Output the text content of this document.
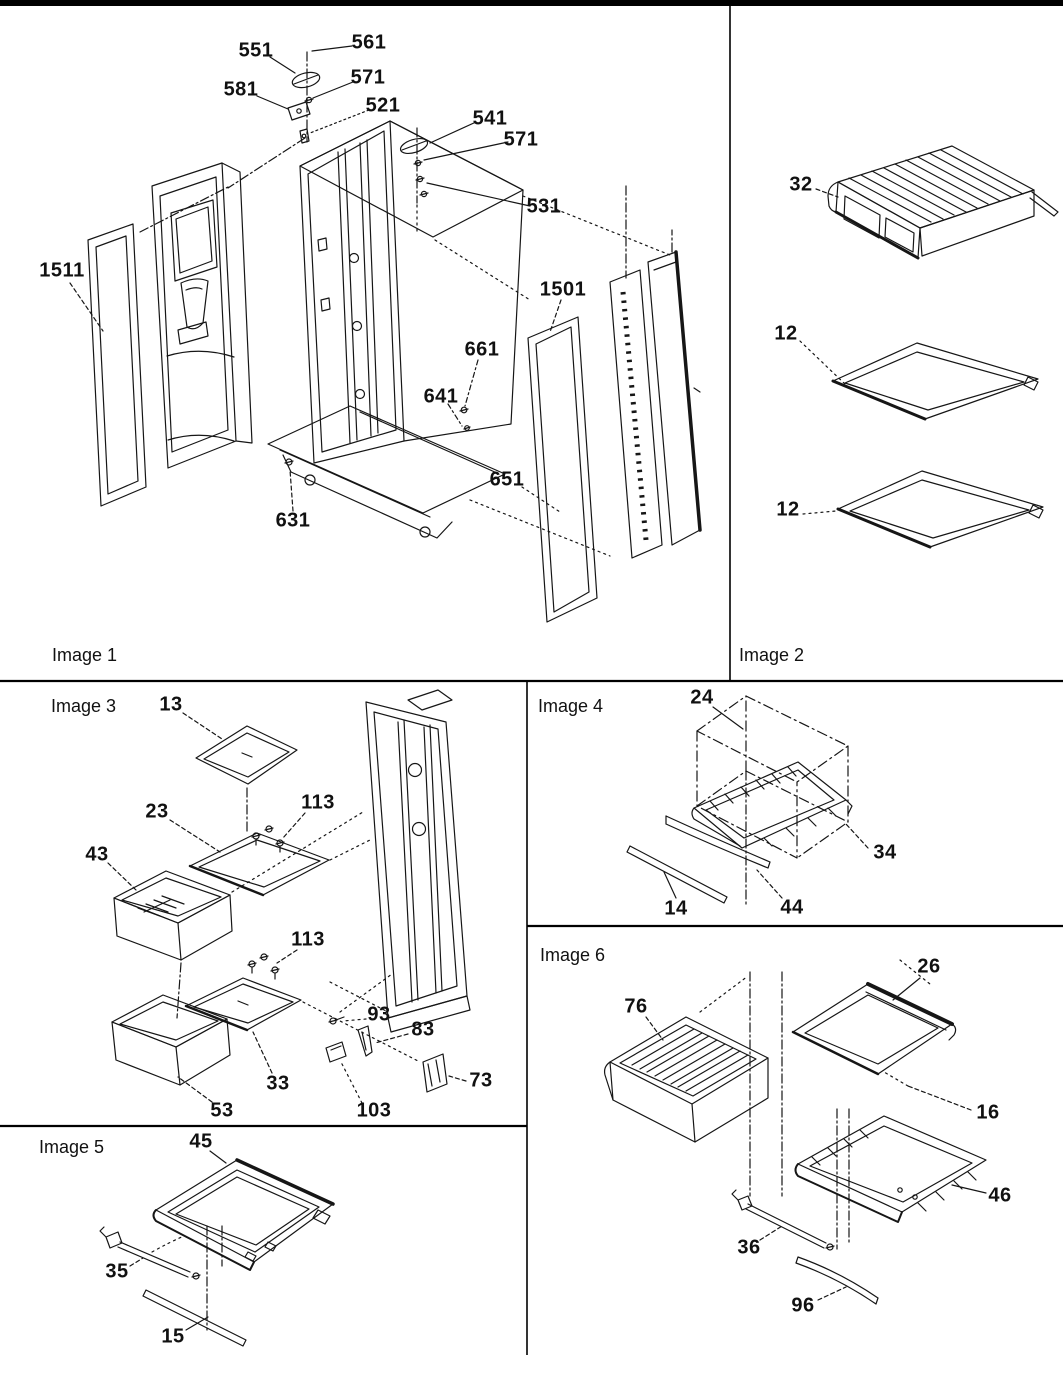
Image 1	Image 2
Image 3	Image 4
Image 5
Image 6
551	561
571
581
521
541
571
531
1511
1501
661
641
651
631
32
12
12
13
23	113
43
113
93
83
33
53
73
103
24
34
14	44
45
35
15
76
26
16
46
36
96
